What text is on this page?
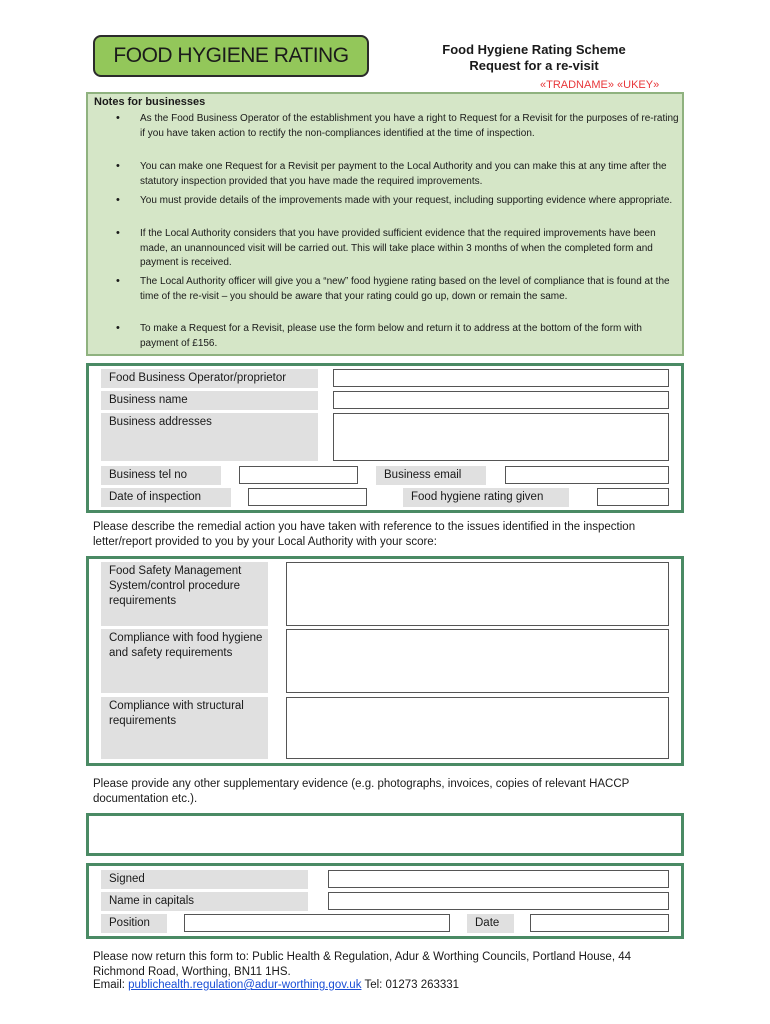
FOOD HYGIENE RATING	Food Hygiene Rating Scheme
Request for a re-visit
«TRADNAME» «UKEY»
Notes for businesses
• As the Food Business Operator of the establishment you have a right to Request for a Revisit for the purposes of re-rating if you have taken action to rectify the non-compliances identified at the time of inspection.
• You can make one Request for a Revisit per payment to the Local Authority and you can make this at any time after the statutory inspection provided that you have made the required improvements.
• You must provide details of the improvements made with your request, including supporting evidence where appropriate.
• If the Local Authority considers that you have provided sufficient evidence that the required improvements have been made, an unannounced visit will be carried out. This will take place within 3 months of when the completed form and payment is received.
• The Local Authority officer will give you a “new” food hygiene rating based on the level of compliance that is found at the time of the re-visit – you should be aware that your rating could go up, down or remain the same.
• To make a Request for a Revisit, please use the form below and return it to address at the bottom of the form with payment of £156.
Food Business Operator/proprietor
Business name
Business addresses
Business tel no	Business email
Date of inspection	Food hygiene rating given
Please describe the remedial action you have taken with reference to the issues identified in the inspection letter/report provided to you by your Local Authority with your score:
Food Safety Management System/control procedure requirements
Compliance with food hygiene and safety requirements
Compliance with structural requirements
Please provide any other supplementary evidence (e.g. photographs, invoices, copies of relevant HACCP documentation etc.).
Signed
Name in capitals
Position	Date
Please now return this form to: Public Health & Regulation, Adur & Worthing Councils, Portland House, 44 Richmond Road, Worthing, BN11 1HS.
Email: publichealth.regulation@adur-worthing.gov.uk Tel: 01273 263331
